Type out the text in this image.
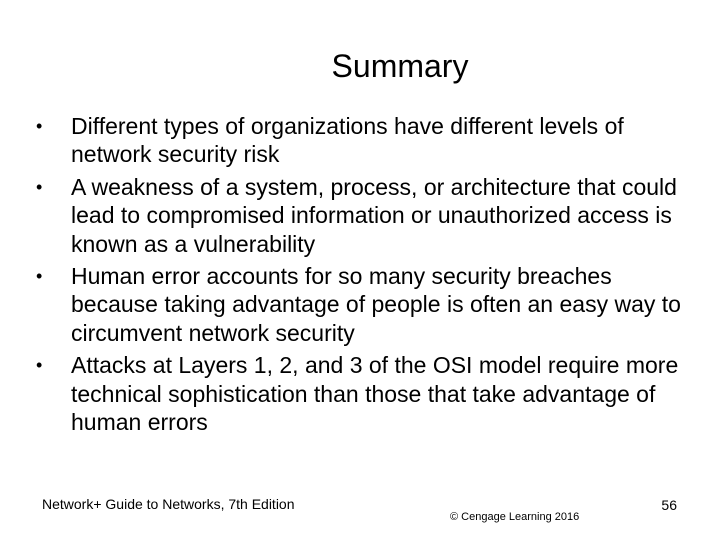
Summary
•	Different types of organizations have different levels of network security risk
•	A weakness of a system, process, or architecture that could lead to compromised information or unauthorized access is known as a vulnerability
•	Human error accounts for so many security breaches because taking advantage of people is often an easy way to circumvent network security
•	Attacks at Layers 1, 2, and 3 of the OSI model require more technical sophistication than those that take advantage of human errors
Network+ Guide to Networks, 7th Edition
© Cengage Learning 2016
56
